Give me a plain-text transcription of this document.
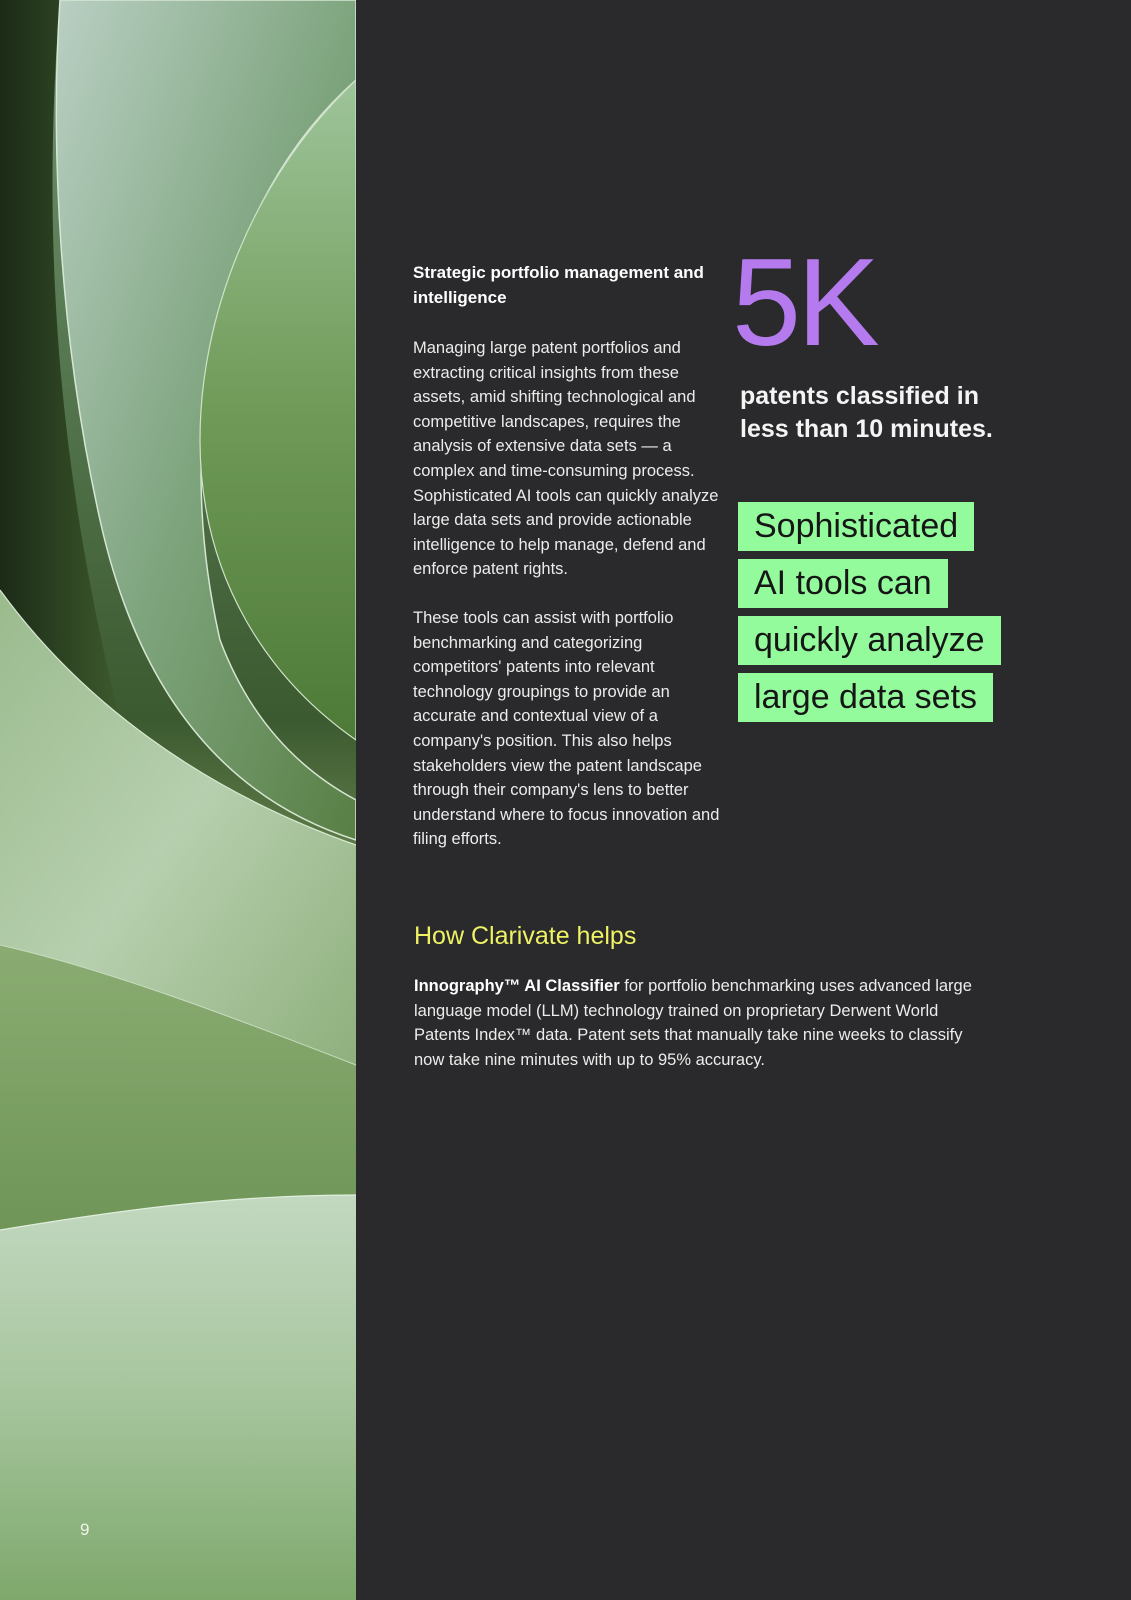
9
Strategic portfolio management and intelligence

Managing large patent portfolios and extracting critical insights from these assets, amid shifting technological and competitive landscapes, requires the analysis of extensive data sets — a complex and time-consuming process. Sophisticated AI tools can quickly analyze large data sets and provide actionable intelligence to help manage, defend and enforce patent rights.

These tools can assist with portfolio benchmarking and categorizing competitors' patents into relevant technology groupings to provide an accurate and contextual view of a company's position. This also helps stakeholders view the patent landscape through their company's lens to better understand where to focus innovation and filing efforts.

5K
patents classified in less than 10 minutes.
Sophisticated
AI tools can
quickly analyze
large data sets
How Clarivate helps

Innography™ AI Classifier for portfolio benchmarking uses advanced large language model (LLM) technology trained on proprietary Derwent World Patents Index™ data. Patent sets that manually take nine weeks to classify now take nine minutes with up to 95% accuracy.
